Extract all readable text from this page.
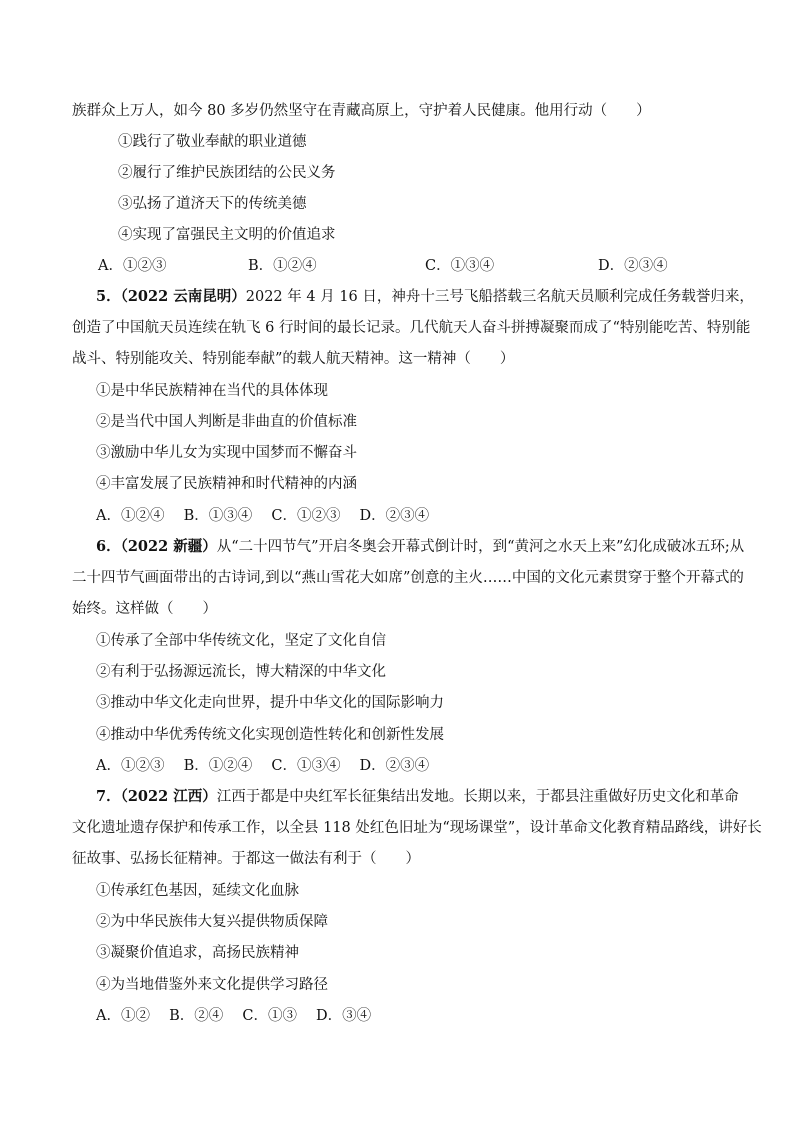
族群众上万人，如今 80 多岁仍然坚守在青藏高原上，守护着人民健康。他用行动（　　）
①践行了敬业奉献的职业道德
②履行了维护民族团结的公民义务
③弘扬了道济天下的传统美德
④实现了富强民主文明的价值追求
A．①②③	B．①②④	C．①③④	D．②③④
5．（2022 云南昆明）2022 年 4 月 16 日，神舟十三号飞船搭载三名航天员顺利完成任务载誉归来，
创造了中国航天员连续在轨飞 6 行时间的最长记录。几代航天人奋斗拼搏凝聚而成了“特别能吃苦、特别能
战斗、特别能攻关、特别能奉献”的载人航天精神。这一精神（　　）
①是中华民族精神在当代的具体体现
②是当代中国人判断是非曲直的价值标准
③激励中华儿女为实现中国梦而不懈奋斗
④丰富发展了民族精神和时代精神的内涵
A．①②④　 B．①③④　 C．①②③　 D．②③④
6．（2022 新疆）从“二十四节气”开启冬奥会开幕式倒计时，到“黄河之水天上来”幻化成破冰五环;从
二十四节气画面带出的古诗词,到以“燕山雪花大如席”创意的主火……中国的文化元素贯穿于整个开幕式的
始终。这样做（　　）
①传承了全部中华传统文化，坚定了文化自信
②有利于弘扬源远流长，博大精深的中华文化
③推动中华文化走向世界，提升中华文化的国际影响力
④推动中华优秀传统文化实现创造性转化和创新性发展
A．①②③　 B．①②④　 C．①③④　 D．②③④
7．（2022 江西）江西于都是中央红军长征集结出发地。长期以来，于都县注重做好历史文化和革命
文化遗址遗存保护和传承工作，以全县 118 处红色旧址为“现场课堂”，设计革命文化教育精品路线，讲好长
征故事、弘扬长征精神。于都这一做法有利于（　　）
①传承红色基因，延续文化血脉
②为中华民族伟大复兴提供物质保障
③凝聚价值追求，高扬民族精神
④为当地借鉴外来文化提供学习路径
A．①②　 B．②④　 C．①③　 D．③④
